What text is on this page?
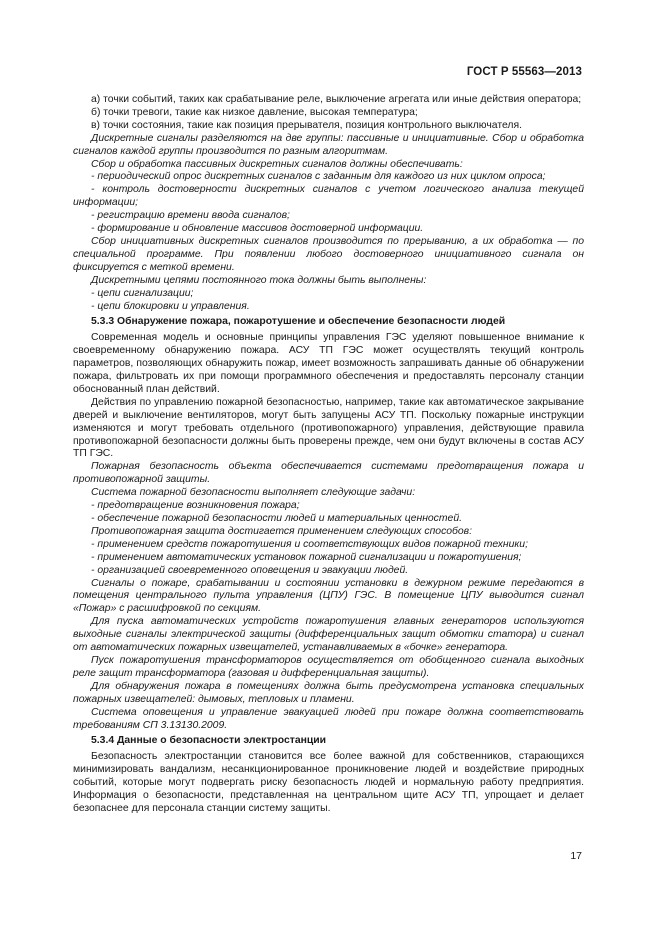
ГОСТ Р 55563—2013

а) точки событий, таких как срабатывание реле, выключение агрегата или иные действия оператора;

б) точки тревоги, такие как низкое давление, высокая температура;

в) точки состояния, такие как позиция прерывателя, позиция контрольного выключателя.

Дискретные сигналы разделяются на две группы: пассивные и инициативные. Сбор и обработка сигналов каждой группы производится по разным алгоритмам.

Сбор и обработка пассивных дискретных сигналов должны обеспечивать:

- периодический опрос дискретных сигналов с заданным для каждого из них циклом опроса;

- контроль достоверности дискретных сигналов с учетом логического анализа текущей информации;

- регистрацию времени ввода сигналов;

- формирование и обновление массивов достоверной информации.

Сбор инициативных дискретных сигналов производится по прерыванию, а их обработка — по специальной программе. При появлении любого достоверного инициативного сигнала он фиксируется с меткой времени.

Дискретными цепями постоянного тока должны быть выполнены:

- цепи сигнализации;

- цепи блокировки и управления.

5.3.3 Обнаружение пожара, пожаротушение и обеспечение безопасности людей

Современная модель и основные принципы управления ГЭС уделяют повышенное внимание к своевременному обнаружению пожара. АСУ ТП ГЭС может осуществлять текущий контроль параметров, позволяющих обнаружить пожар, имеет возможность запрашивать данные об обнаружении пожара, фильтровать их при помощи программного обеспечения и предоставлять персоналу станции обоснованный план действий.

Действия по управлению пожарной безопасностью, например, такие как автоматическое закрывание дверей и выключение вентиляторов, могут быть запущены АСУ ТП. Поскольку пожарные инструкции изменяются и могут требовать отдельного (противопожарного) управления, действующие правила противопожарной безопасности должны быть проверены прежде, чем они будут включены в состав АСУ ТП ГЭС.

Пожарная безопасность объекта обеспечивается системами предотвращения пожара и противопожарной защиты.

Система пожарной безопасности выполняет следующие задачи:

- предотвращение возникновения пожара;

- обеспечение пожарной безопасности людей и материальных ценностей.

Противопожарная защита достигается применением следующих способов:

- применением средств пожаротушения и соответствующих видов пожарной техники;

- применением автоматических установок пожарной сигнализации и пожаротушения;

- организацией своевременного оповещения и эвакуации людей.

Сигналы о пожаре, срабатывании и состоянии установки в дежурном режиме передаются в помещения центрального пульта управления (ЦПУ) ГЭС. В помещение ЦПУ выводится сигнал «Пожар» с расшифровкой по секциям.

Для пуска автоматических устройств пожаротушения главных генераторов используются выходные сигналы электрической защиты (дифференциальных защит обмотки статора) и сигнал от автоматических пожарных извещателей, устанавливаемых в «бочке» генератора.

Пуск пожаротушения трансформаторов осуществляется от обобщенного сигнала выходных реле защит трансформатора (газовая и дифференциальная защиты).

Для обнаружения пожара в помещениях должна быть предусмотрена установка специальных пожарных извещателей: дымовых, тепловых и пламени.

Система оповещения и управление эвакуацией людей при пожаре должна соответствовать требованиям СП 3.13130.2009.

5.3.4 Данные о безопасности электростанции

Безопасность электростанции становится все более важной для собственников, старающихся минимизировать вандализм, несанкционированное проникновение людей и воздействие природных событий, которые могут подвергать риску безопасность людей и нормальную работу предприятия. Информация о безопасности, представленная на центральном щите АСУ ТП, упрощает и делает безопаснее для персонала станции систему защиты.

17
